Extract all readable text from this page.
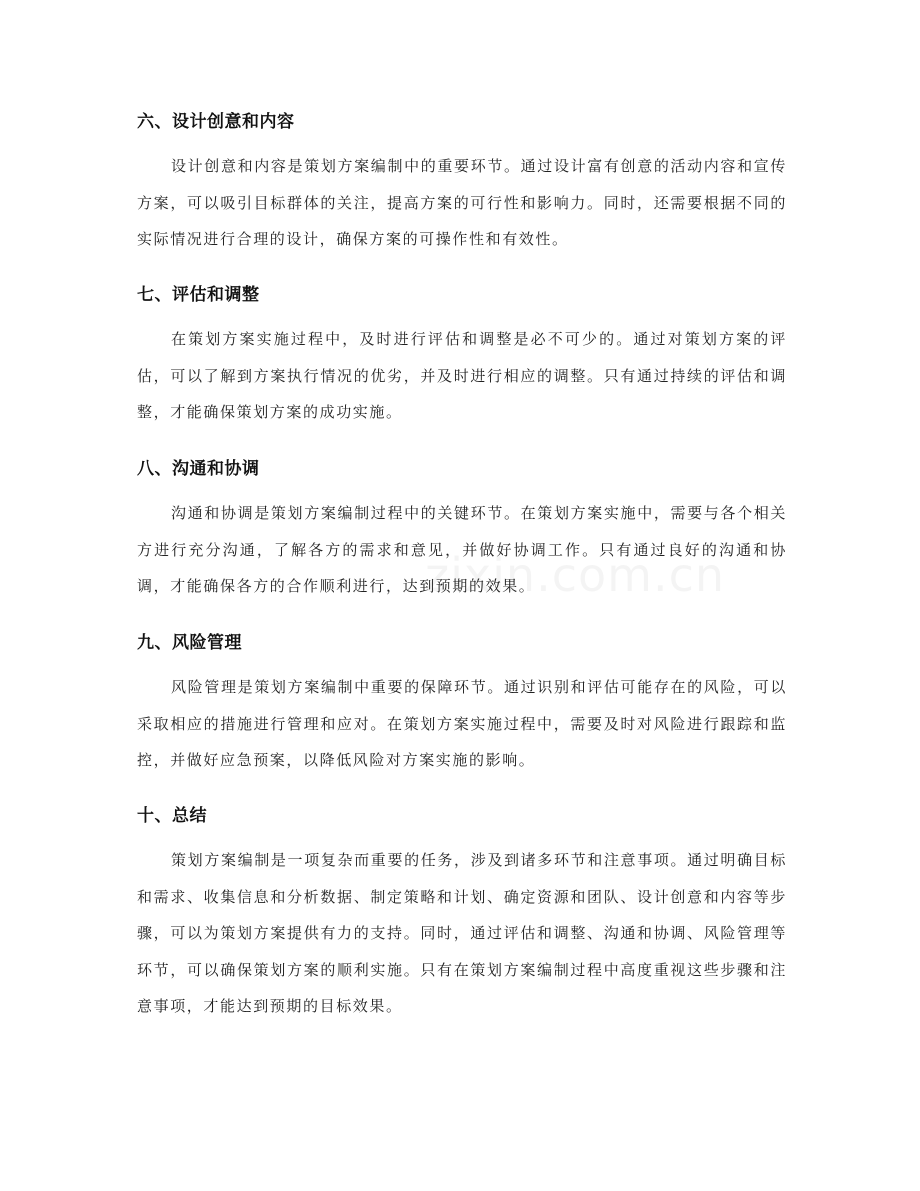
六、设计创意和内容

设计创意和内容是策划方案编制中的重要环节。通过设计富有创意的活动内容和宣传方案，可以吸引目标群体的关注，提高方案的可行性和影响力。同时，还需要根据不同的实际情况进行合理的设计，确保方案的可操作性和有效性。

七、评估和调整

在策划方案实施过程中，及时进行评估和调整是必不可少的。通过对策划方案的评估，可以了解到方案执行情况的优劣，并及时进行相应的调整。只有通过持续的评估和调整，才能确保策划方案的成功实施。

八、沟通和协调

沟通和协调是策划方案编制过程中的关键环节。在策划方案实施中，需要与各个相关方进行充分沟通，了解各方的需求和意见，并做好协调工作。只有通过良好的沟通和协调，才能确保各方的合作顺利进行，达到预期的效果。

九、风险管理

风险管理是策划方案编制中重要的保障环节。通过识别和评估可能存在的风险，可以采取相应的措施进行管理和应对。在策划方案实施过程中，需要及时对风险进行跟踪和监控，并做好应急预案，以降低风险对方案实施的影响。

十、总结

策划方案编制是一项复杂而重要的任务，涉及到诸多环节和注意事项。通过明确目标和需求、收集信息和分析数据、制定策略和计划、确定资源和团队、设计创意和内容等步骤，可以为策划方案提供有力的支持。同时，通过评估和调整、沟通和协调、风险管理等环节，可以确保策划方案的顺利实施。只有在策划方案编制过程中高度重视这些步骤和注意事项，才能达到预期的目标效果。
